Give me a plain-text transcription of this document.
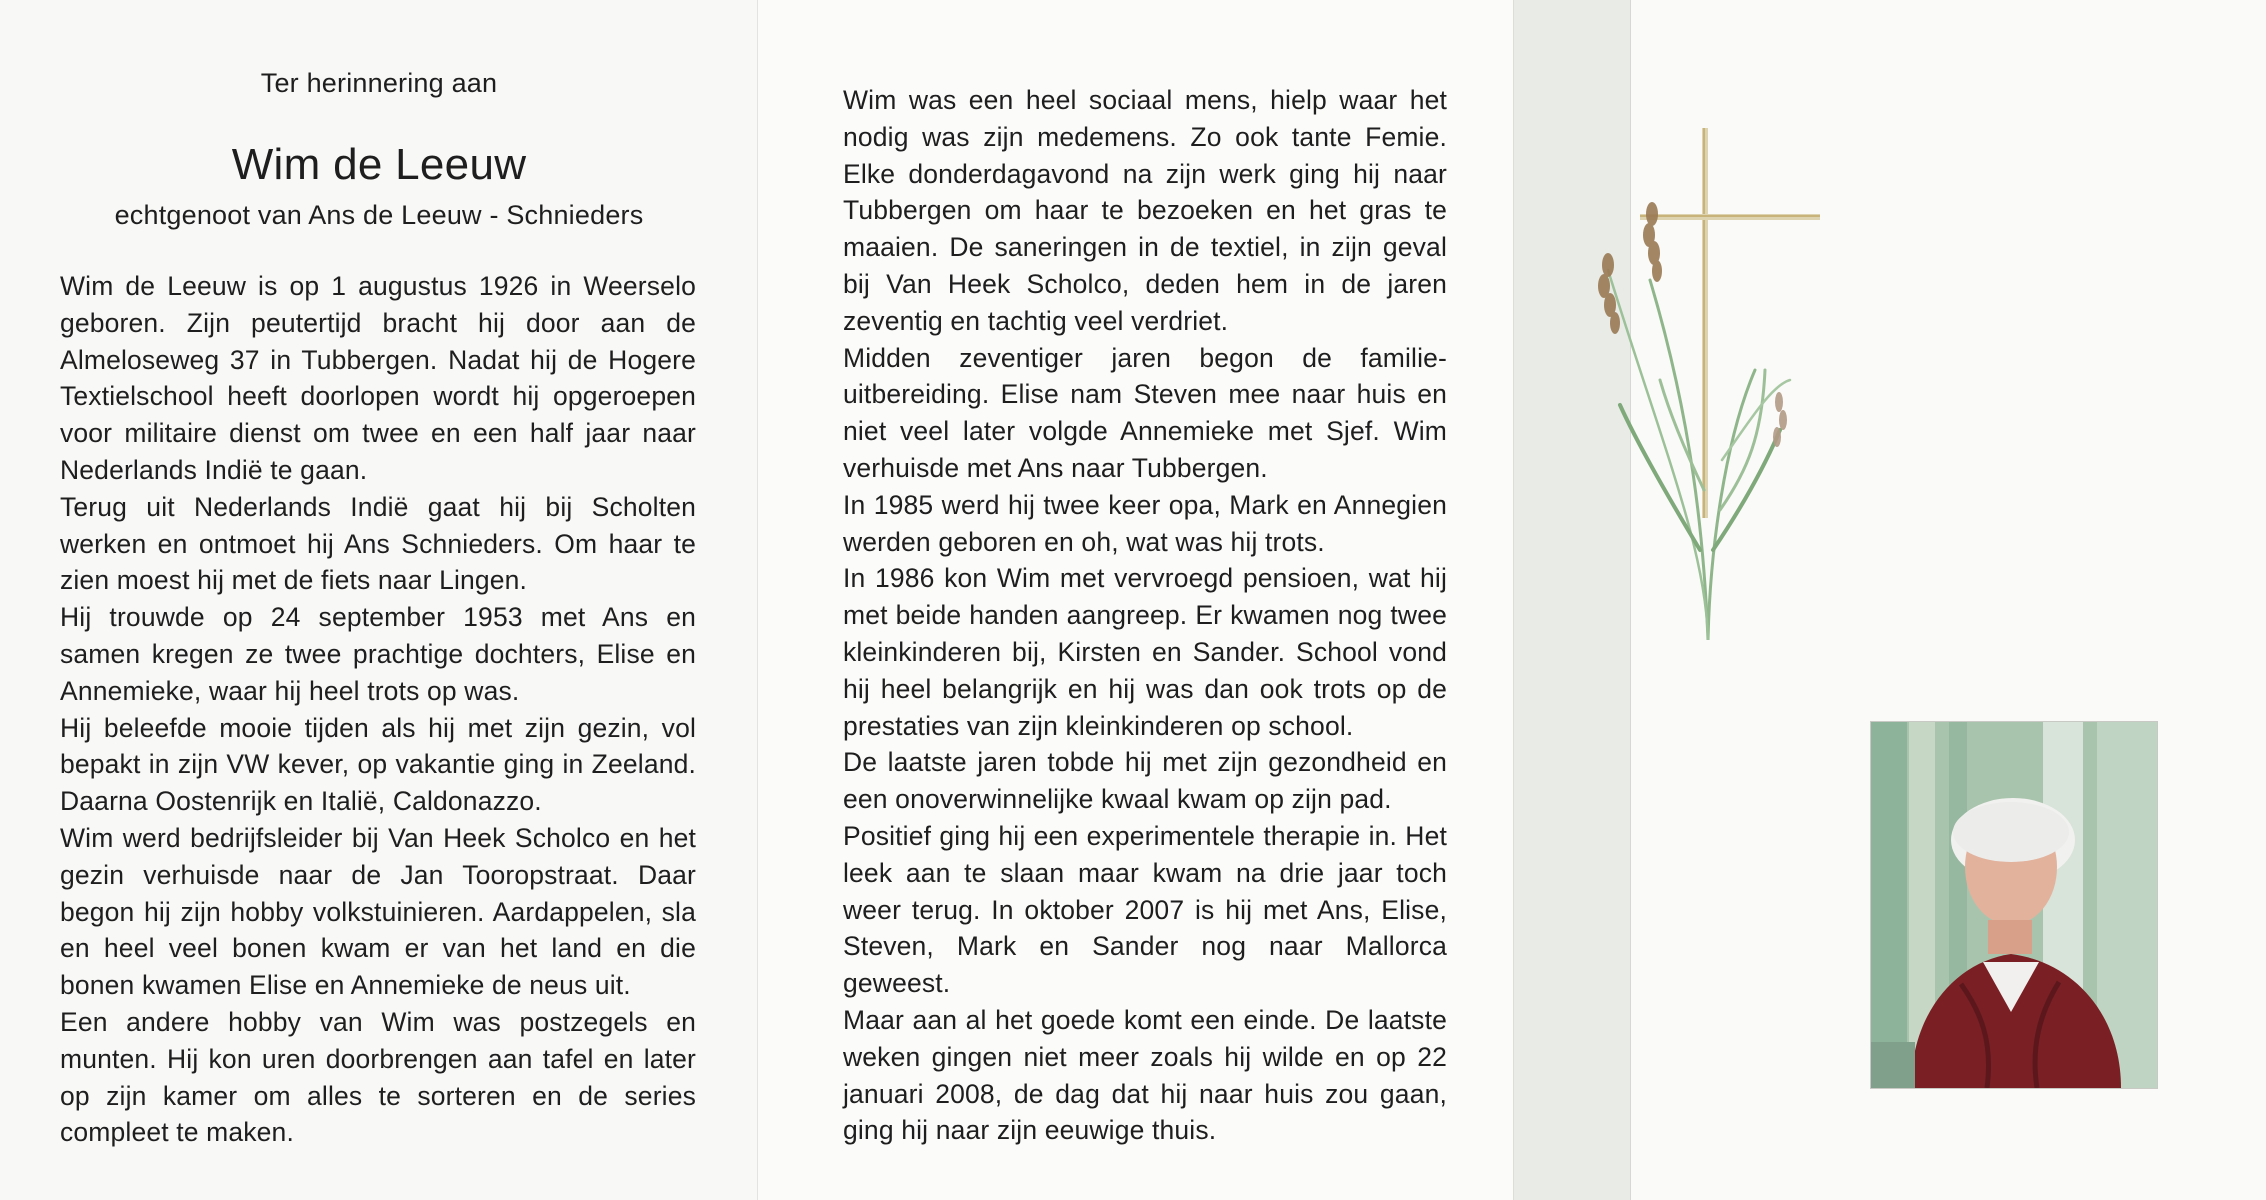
Ter herinnering aan
Wim de Leeuw
echtgenoot van Ans de Leeuw - Schnieders

Wim de Leeuw is op 1 augustus 1926 in Weerselo geboren. Zijn peutertijd bracht hij door aan de Almeloseweg 37 in Tubbergen. Nadat hij de Hogere Textielschool heeft doorlopen wordt hij opgeroepen voor militaire dienst om twee en een half jaar naar Nederlands Indië te gaan.

Terug uit Nederlands Indië gaat hij bij Scholten werken en ontmoet hij Ans Schnieders. Om haar te zien moest hij met de fiets naar Lingen.

Hij trouwde op 24 september 1953 met Ans en samen kregen ze twee prachtige dochters, Elise en Annemieke, waar hij heel trots op was.

Hij beleefde mooie tijden als hij met zijn gezin, vol bepakt in zijn VW kever, op vakantie ging in Zeeland. Daarna Oostenrijk en Italië, Caldonazzo.

Wim werd bedrijfsleider bij Van Heek Scholco en het gezin verhuisde naar de Jan Tooropstraat. Daar begon hij zijn hobby volkstuinieren. Aardappelen, sla en heel veel bonen kwam er van het land en die bonen kwamen Elise en Annemieke de neus uit.

Een andere hobby van Wim was postzegels en munten. Hij kon uren doorbrengen aan tafel en later op zijn kamer om alles te sorteren en de series compleet te maken.

Wim was een heel sociaal mens, hielp waar het nodig was zijn medemens. Zo ook tante Femie. Elke donderdagavond na zijn werk ging hij naar Tubbergen om haar te bezoeken en het gras te maaien. De saneringen in de textiel, in zijn geval bij Van Heek Scholco, deden hem in de jaren zeventig en tachtig veel verdriet.

Midden zeventiger jaren begon de familie-uitbereiding. Elise nam Steven mee naar huis en niet veel later volgde Annemieke met Sjef. Wim verhuisde met Ans naar Tubbergen.

In 1985 werd hij twee keer opa, Mark en Annegien werden geboren en oh, wat was hij trots.

In 1986 kon Wim met vervroegd pensioen, wat hij met beide handen aangreep. Er kwamen nog twee kleinkinderen bij, Kirsten en Sander. School vond hij heel belangrijk en hij was dan ook trots op de prestaties van zijn kleinkinderen op school.

De laatste jaren tobde hij met zijn gezondheid en een onoverwinnelijke kwaal kwam op zijn pad.

Positief ging hij een experimentele therapie in. Het leek aan te slaan maar kwam na drie jaar toch weer terug. In oktober 2007 is hij met Ans, Elise, Steven, Mark en Sander nog naar Mallorca geweest.

Maar aan al het goede komt een einde. De laatste weken gingen niet meer zoals hij wilde en op 22 januari 2008, de dag dat hij naar huis zou gaan, ging hij naar zijn eeuwige thuis.
